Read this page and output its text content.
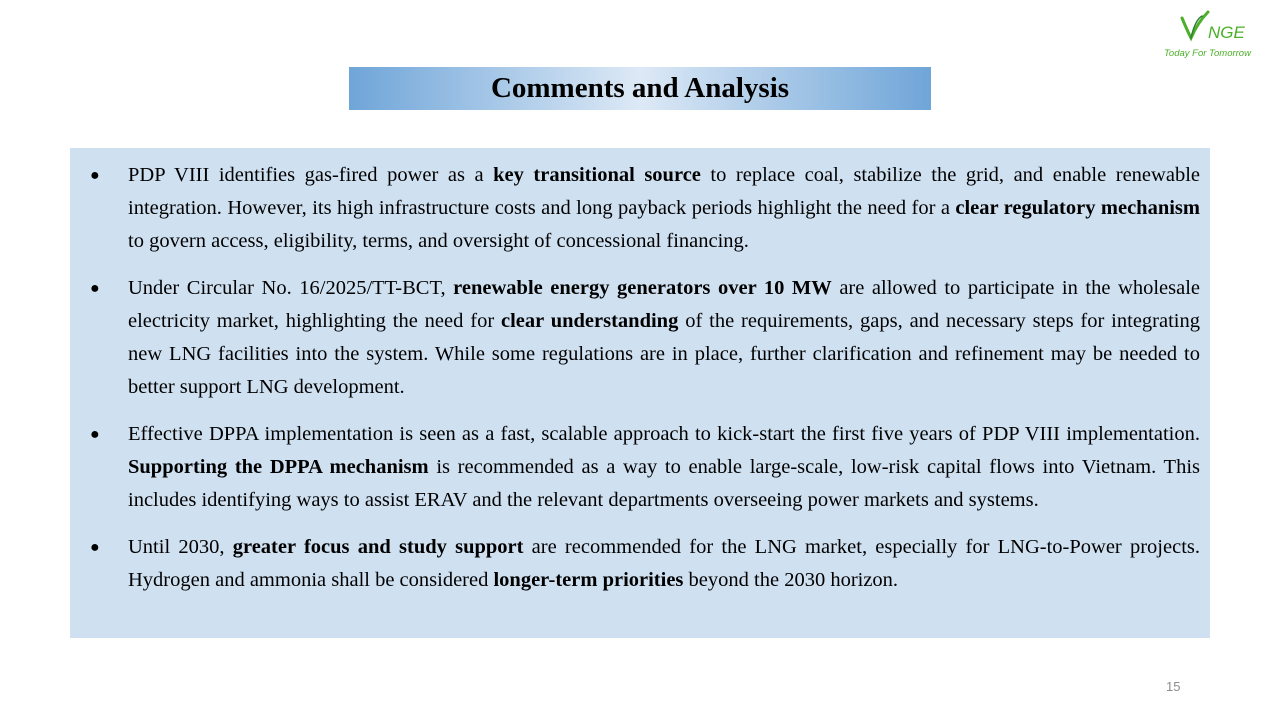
NGE
Today For Tomorrow
Comments and Analysis
● PDP VIII identifies gas-fired power as a key transitional source to replace coal, stabilize the grid, and enable renewable integration. However, its high infrastructure costs and long payback periods highlight the need for a clear regulatory mechanism to govern access, eligibility, terms, and oversight of concessional financing.
● Under Circular No. 16/2025/TT-BCT, renewable energy generators over 10 MW are allowed to participate in the wholesale electricity market, highlighting the need for clear understanding of the requirements, gaps, and necessary steps for integrating new LNG facilities into the system. While some regulations are in place, further clarification and refinement may be needed to better support LNG development.
● Effective DPPA implementation is seen as a fast, scalable approach to kick-start the first five years of PDP VIII implementation. Supporting the DPPA mechanism is recommended as a way to enable large-scale, low-risk capital flows into Vietnam. This includes identifying ways to assist ERAV and the relevant departments overseeing power markets and systems.
● Until 2030, greater focus and study support are recommended for the LNG market, especially for LNG-to-Power projects. Hydrogen and ammonia shall be considered longer-term priorities beyond the 2030 horizon.
15
